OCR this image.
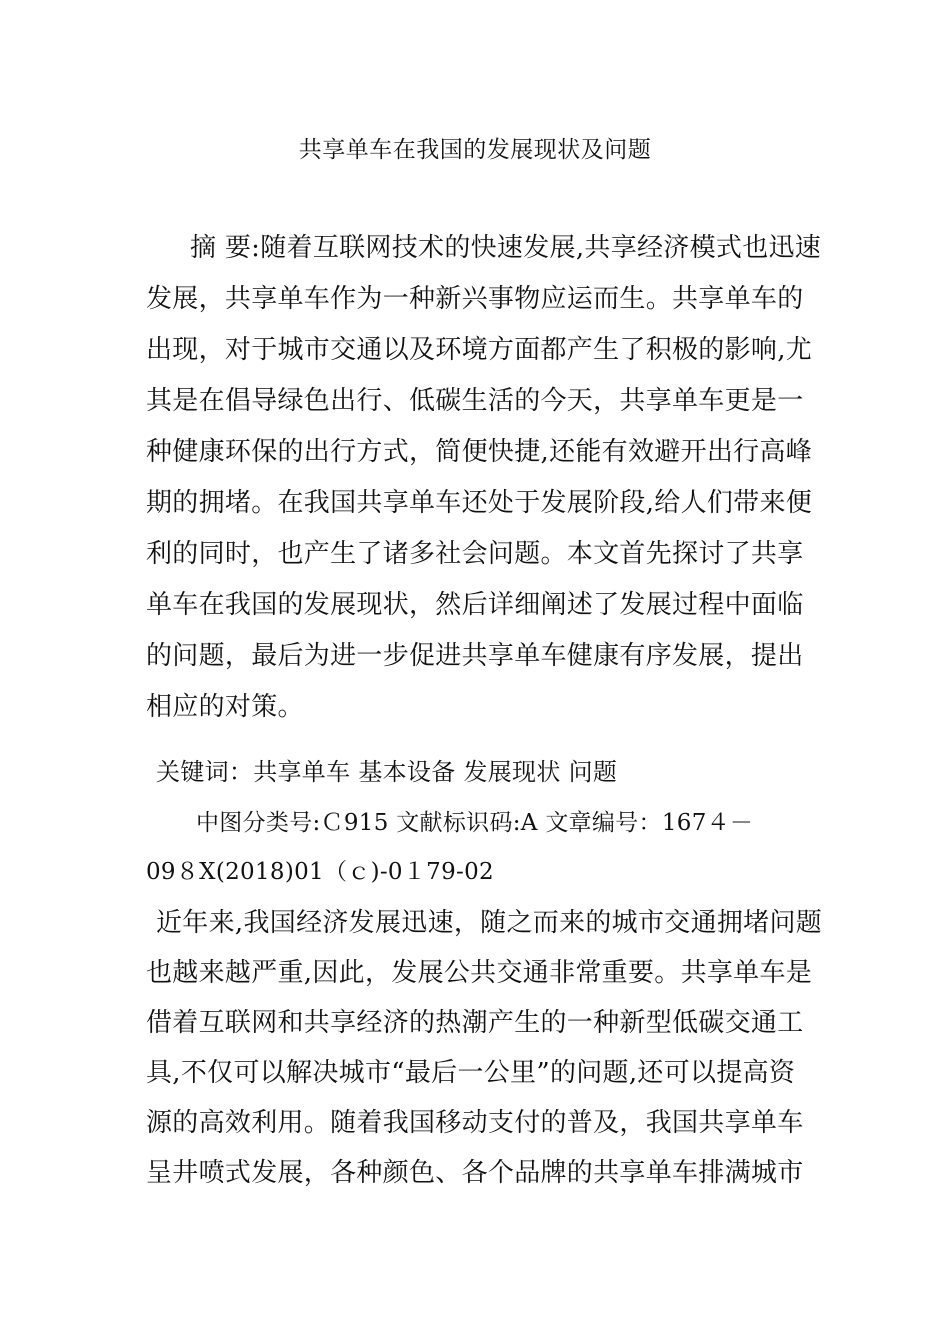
共享单车在我国的发展现状及问题
摘 要:随着互联网技术的快速发展,共享经济模式也迅速
发展，共享单车作为一种新兴事物应运而生。共享单车的
出现，对于城市交通以及环境方面都产生了积极的影响,尤
其是在倡导绿色出行、低碳生活的今天，共享单车更是一
种健康环保的出行方式，简便快捷,还能有效避开出行高峰
期的拥堵。在我国共享单车还处于发展阶段,给人们带来便
利的同时，也产生了诸多社会问题。本文首先探讨了共享
单车在我国的发展现状，然后详细阐述了发展过程中面临
的问题，最后为进一步促进共享单车健康有序发展，提出
相应的对策。
关键词：共享单车 基本设备 发展现状 问题
中图分类号:Ｃ915 文献标识码:A 文章编号：167４－
09８X(2018)01（ｃ)-0１79-02
近年来,我国经济发展迅速，随之而来的城市交通拥堵问题
也越来越严重,因此，发展公共交通非常重要。共享单车是
借着互联网和共享经济的热潮产生的一种新型低碳交通工
具,不仅可以解决城市“最后一公里”的问题,还可以提高资
源的高效利用。随着我国移动支付的普及，我国共享单车
呈井喷式发展，各种颜色、各个品牌的共享单车排满城市
